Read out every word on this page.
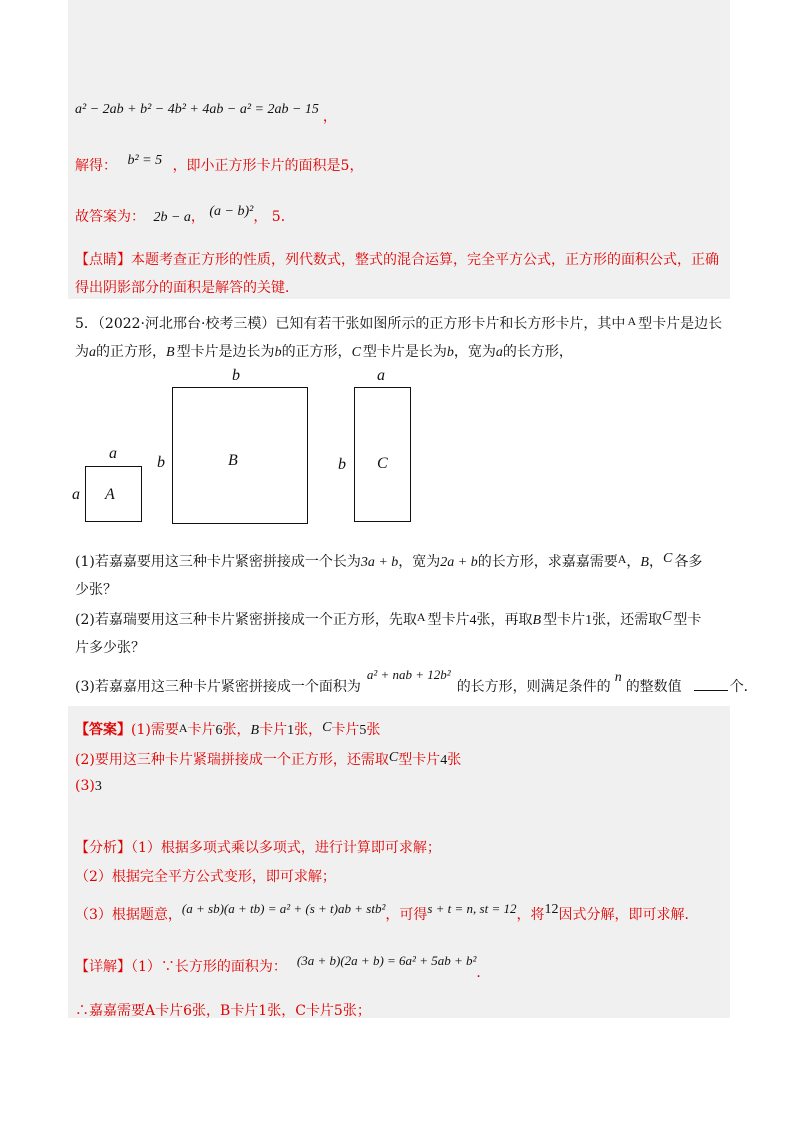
a² − 2ab + b² − 4b² + 4ab − a² = 2ab − 15，
解得： b² = 5 ，即小正方形卡片的面积是5，
故答案为： 2b − a， (a − b)²， 5．
【点睛】本题考查正方形的性质，列代数式，整式的混合运算，完全平方公式，正方形的面积公式，正确
得出阴影部分的面积是解答的关键．
5．（2022·河北邢台·校考三模）已知有若干张如图所示的正方形卡片和长方形卡片，其中 A 型卡片是边长
为a的正方形，B 型卡片是边长为b的正方形，C 型卡片是长为b，宽为a的长方形，
a
a A
b
b	B
a
b C
(1)若嘉嘉要用这三种卡片紧密拼接成一个长为3a + b，宽为2a + b的长方形，求嘉嘉需要A，B，C 各多
少张？
(2)若嘉瑞要用这三种卡片紧密拼接成一个正方形，先取A 型卡片4张，再取B 型卡片1张，还需取C 型卡
片多少张？
(3)若嘉嘉用这三种卡片紧密拼接成一个面积为a² + nab + 12b²的长方形，则满足条件的n的整数值	个．
【答案】(1)需要A卡片6张，B卡片1张，C卡片5张
(2)要用这三种卡片紧瑞拼接成一个正方形，还需取C型卡片4张
(3)3
【分析】（1）根据多项式乘以多项式，进行计算即可求解；
（2）根据完全平方公式变形，即可求解；
（3）根据题意，(a + sb)(a + tb) = a² + (s + t)ab + stb²，可得s + t = n, st = 12，将12因式分解，即可求解．
【详解】（1）∵长方形的面积为： (3a + b)(2a + b) = 6a² + 5ab + b²．
∴嘉嘉需要A卡片6张，B卡片1张，C卡片5张；
